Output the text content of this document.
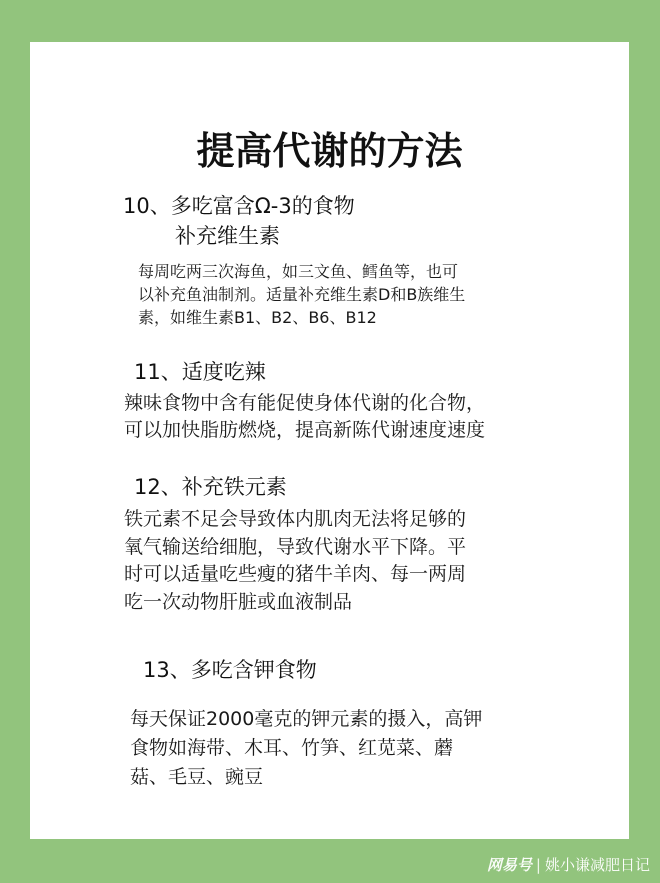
提高代谢的方法

10、多吃富含Ω-3的食物

补充维生素

每周吃两三次海鱼，如三文鱼、鳕鱼等，也可
以补充鱼油制剂。适量补充维生素D和B族维生
素，如维生素B1、B2、B6、B12

11、适度吃辣

辣味食物中含有能促使身体代谢的化合物，
可以加快脂肪燃烧，提高新陈代谢速度速度

12、补充铁元素

铁元素不足会导致体内肌肉无法将足够的
氧气输送给细胞，导致代谢水平下降。平
时可以适量吃些瘦的猪牛羊肉、每一两周
吃一次动物肝脏或血液制品

13、多吃含钾食物

每天保证2000毫克的钾元素的摄入，高钾
食物如海带、木耳、竹笋、红苋菜、蘑
菇、毛豆、豌豆
网易号 | 姚小谦减肥日记
